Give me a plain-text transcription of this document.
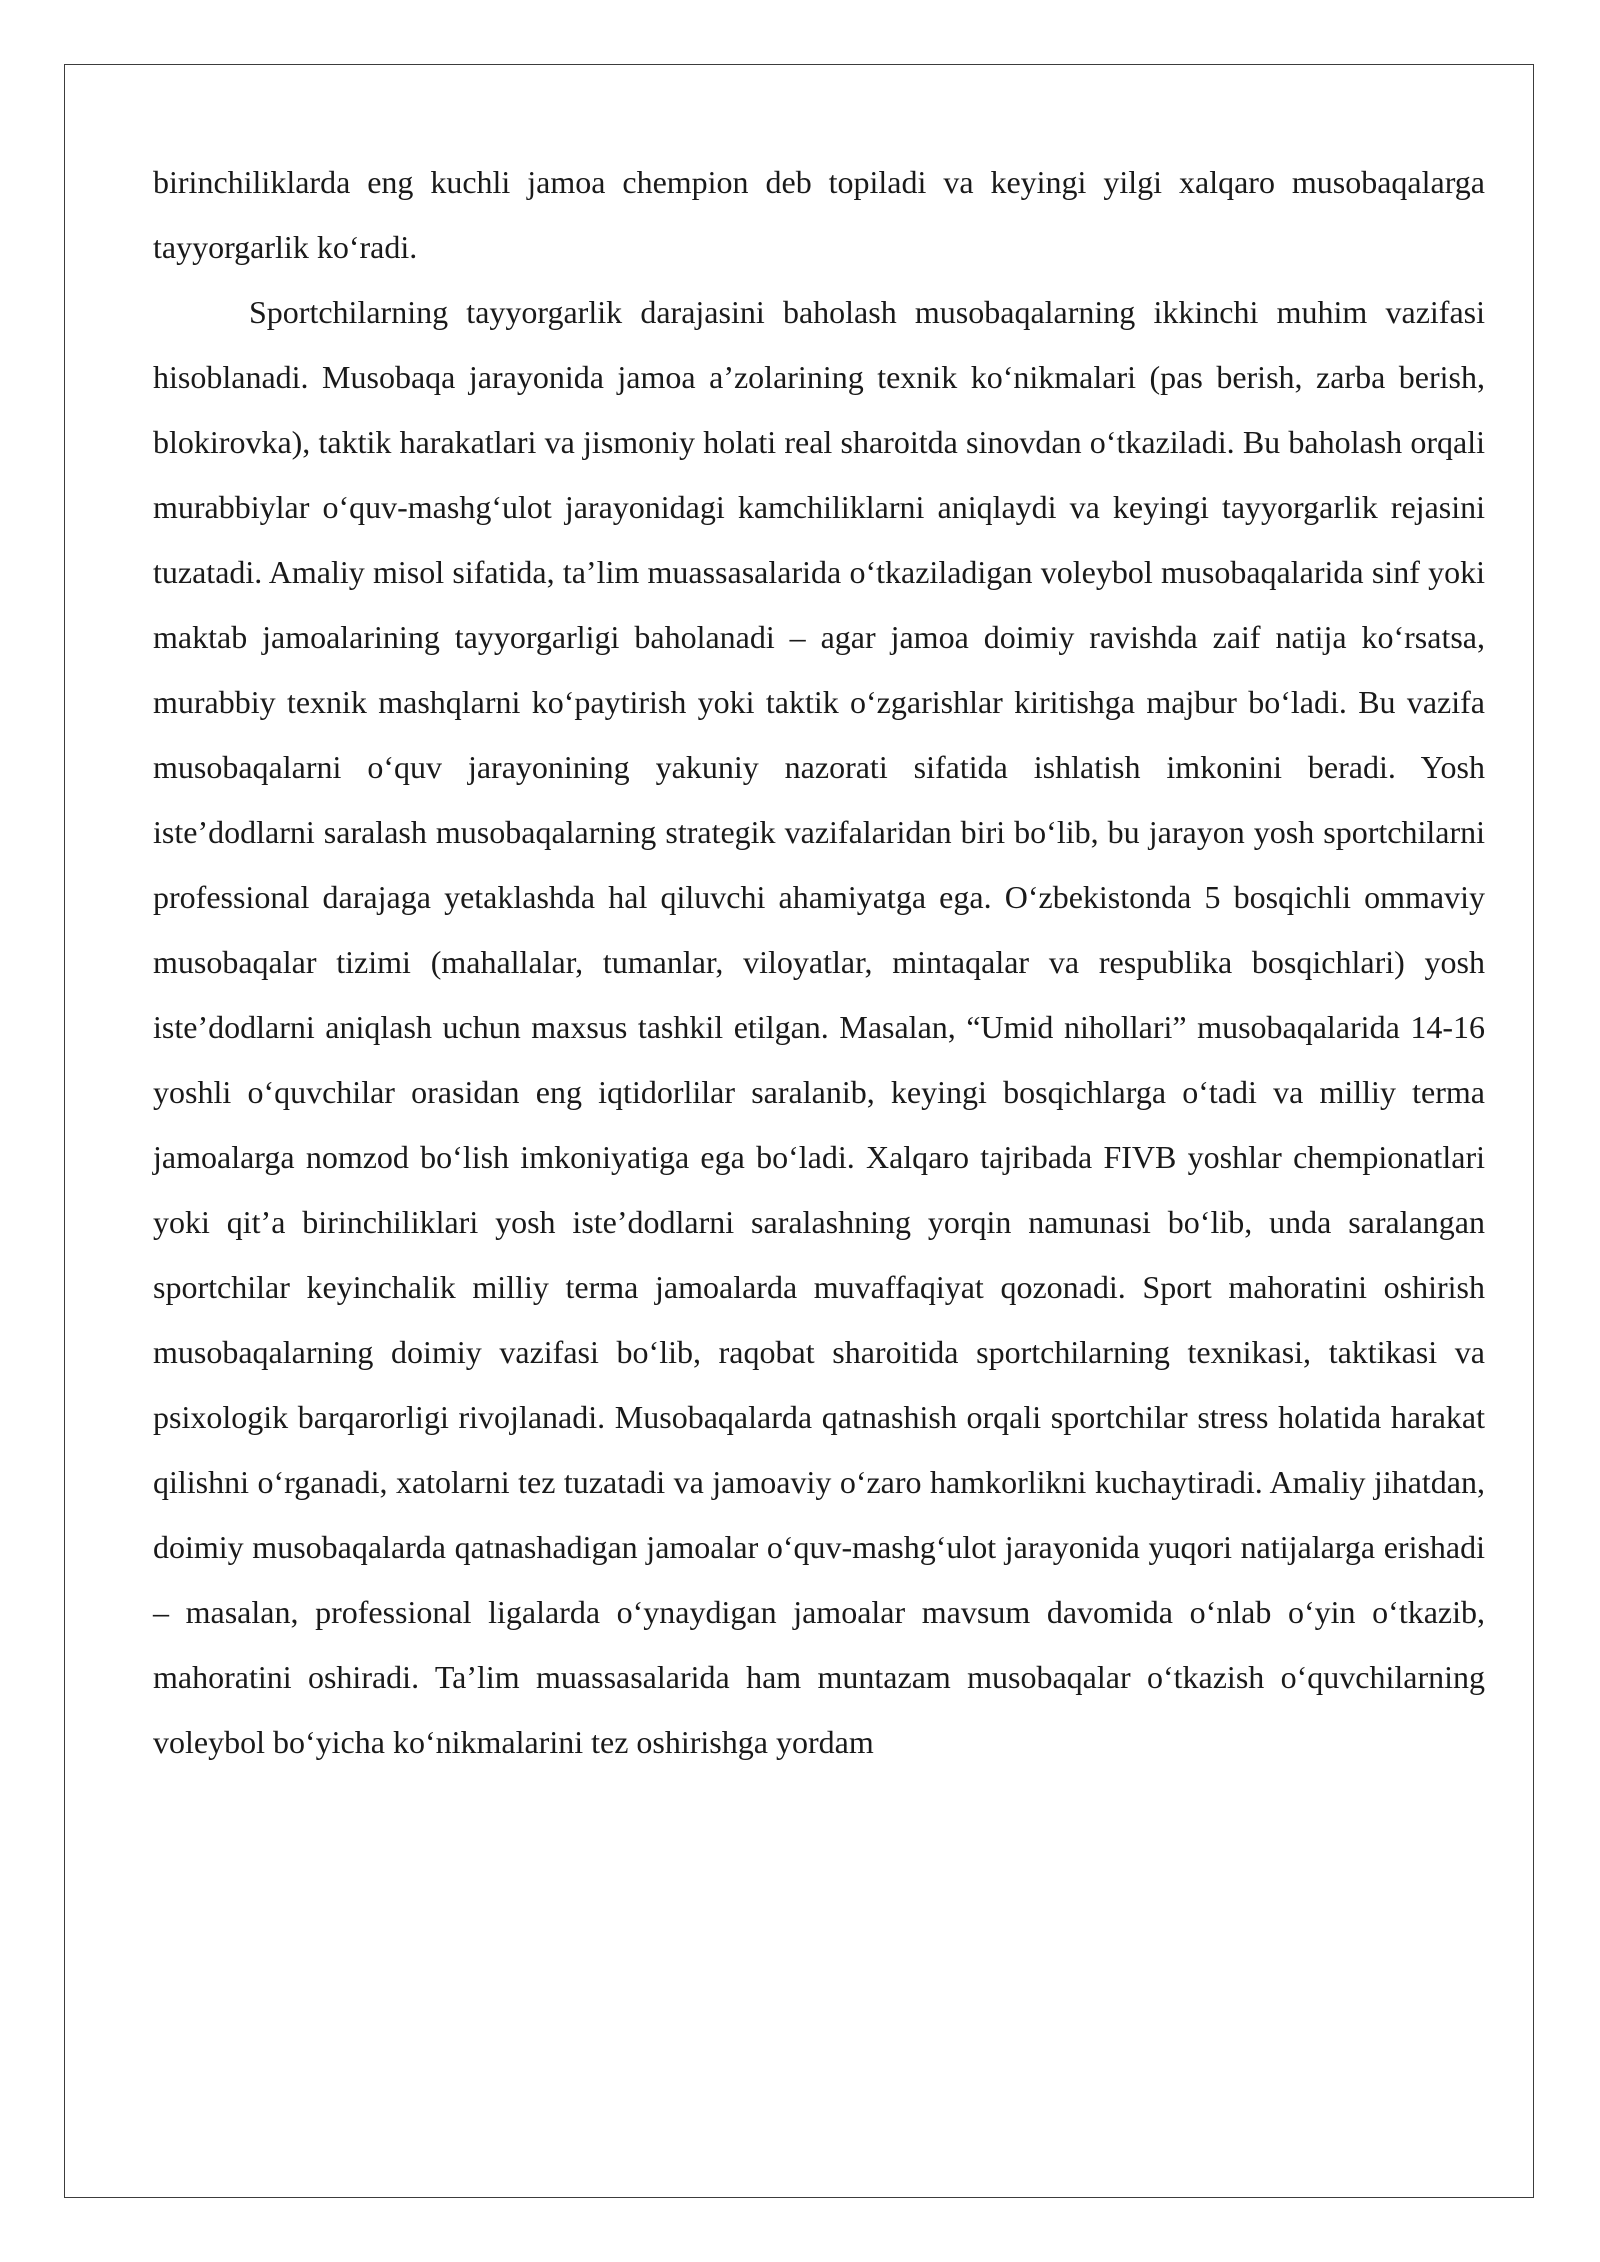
birinchiliklarda eng kuchli jamoa chempion deb topiladi va keyingi yilgi xalqaro musobaqalarga tayyorgarlik ko‘radi.

Sportchilarning tayyorgarlik darajasini baholash musobaqalarning ikkinchi muhim vazifasi hisoblanadi. Musobaqa jarayonida jamoa a’zolarining texnik ko‘nikmalari (pas berish, zarba berish, blokirovka), taktik harakatlari va jismoniy holati real sharoitda sinovdan o‘tkaziladi. Bu baholash orqali murabbiylar o‘quv-mashg‘ulot jarayonidagi kamchiliklarni aniqlaydi va keyingi tayyorgarlik rejasini tuzatadi. Amaliy misol sifatida, ta’lim muassasalarida o‘tkaziladigan voleybol musobaqalarida sinf yoki maktab jamoalarining tayyorgarligi baholanadi – agar jamoa doimiy ravishda zaif natija ko‘rsatsa, murabbiy texnik mashqlarni ko‘paytirish yoki taktik o‘zgarishlar kiritishga majbur bo‘ladi. Bu vazifa musobaqalarni o‘quv jarayonining yakuniy nazorati sifatida ishlatish imkonini beradi. Yosh iste’dodlarni saralash musobaqalarning strategik vazifalaridan biri bo‘lib, bu jarayon yosh sportchilarni professional darajaga yetaklashda hal qiluvchi ahamiyatga ega. O‘zbekistonda 5 bosqichli ommaviy musobaqalar tizimi (mahallalar, tumanlar, viloyatlar, mintaqalar va respublika bosqichlari) yosh iste’dodlarni aniqlash uchun maxsus tashkil etilgan. Masalan, “Umid nihollari” musobaqalarida 14-16 yoshli o‘quvchilar orasidan eng iqtidorlilar saralanib, keyingi bosqichlarga o‘tadi va milliy terma jamoalarga nomzod bo‘lish imkoniyatiga ega bo‘ladi. Xalqaro tajribada FIVB yoshlar chempionatlari yoki qit’a birinchiliklari yosh iste’dodlarni saralashning yorqin namunasi bo‘lib, unda saralangan sportchilar keyinchalik milliy terma jamoalarda muvaffaqiyat qozonadi. Sport mahoratini oshirish musobaqalarning doimiy vazifasi bo‘lib, raqobat sharoitida sportchilarning texnikasi, taktikasi va psixologik barqarorligi rivojlanadi. Musobaqalarda qatnashish orqali sportchilar stress holatida harakat qilishni o‘rganadi, xatolarni tez tuzatadi va jamoaviy o‘zaro hamkorlikni kuchaytiradi. Amaliy jihatdan, doimiy musobaqalarda qatnashadigan jamoalar o‘quv-mashg‘ulot jarayonida yuqori natijalarga erishadi – masalan, professional ligalarda o‘ynaydigan jamoalar mavsum davomida o‘nlab o‘yin o‘tkazib, mahoratini oshiradi. Ta’lim muassasalarida ham muntazam musobaqalar o‘tkazish o‘quvchilarning voleybol bo‘yicha ko‘nikmalarini tez oshirishga yordam
